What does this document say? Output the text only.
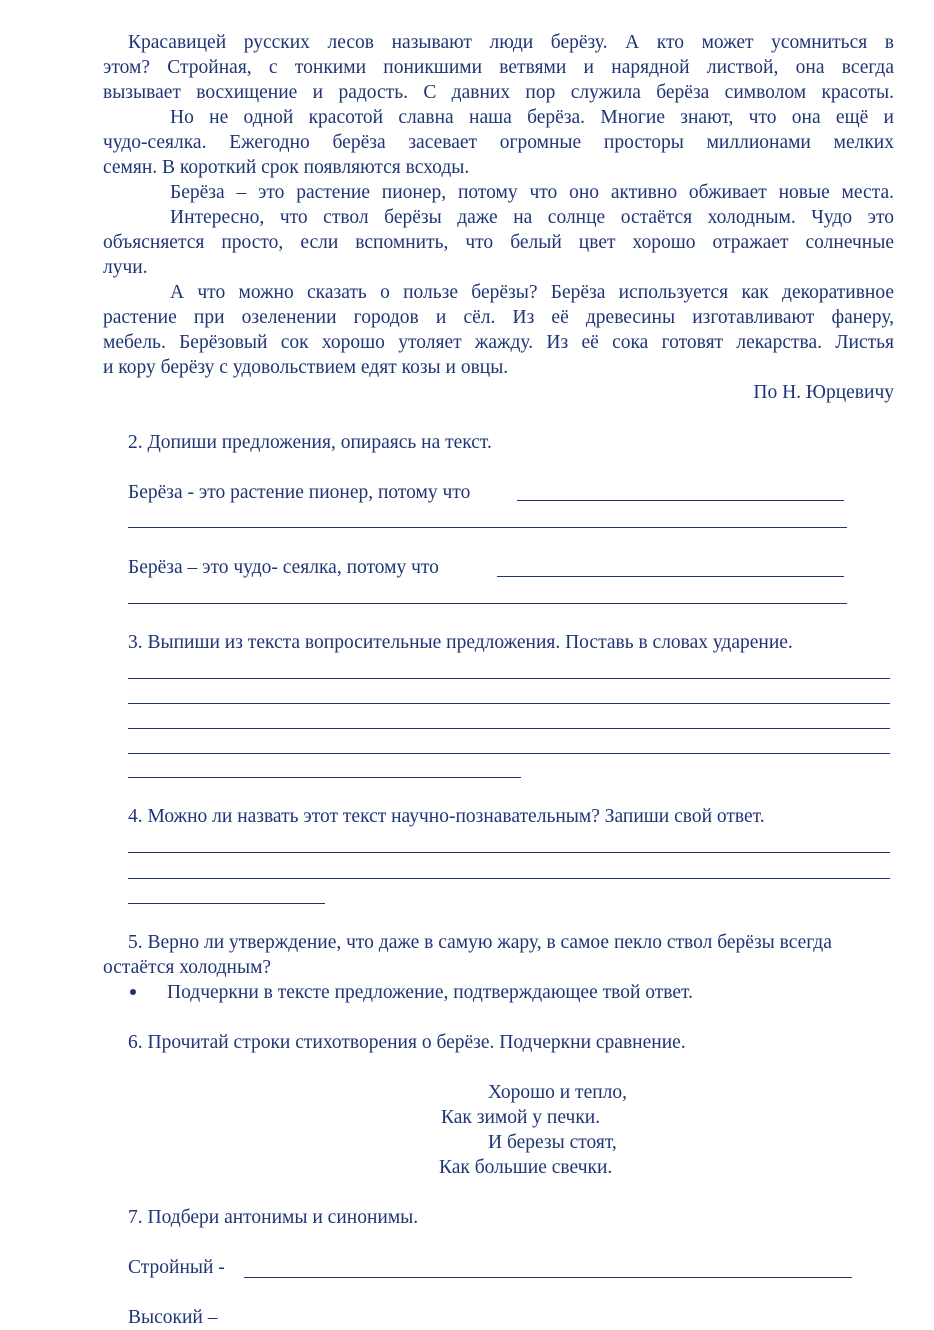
Красавицей русских лесов называют люди берёзу. А кто может усомниться в
этом? Стройная, с тонкими поникшими ветвями и нарядной листвой, она всегда
вызывает восхищение и радость. С давних пор служила берёза символом красоты.
Но не одной красотой славна наша берёза. Многие знают, что она ещё и
чудо-сеялка. Ежегодно берёза засевает огромные просторы миллионами мелких
семян. В короткий срок появляются всходы.
Берёза – это растение пионер, потому что оно активно обживает новые места.
Интересно, что ствол берёзы даже на солнце остаётся холодным. Чудо это
объясняется просто, если вспомнить, что белый цвет хорошо отражает солнечные
лучи.
А что можно сказать о пользе берёзы? Берёза используется как декоративное
растение при озеленении городов и сёл. Из её древесины изготавливают фанеру,
мебель. Берёзовый сок хорошо утоляет жажду. Из её сока готовят лекарства. Листья
и кору берёзу с удовольствием едят козы и овцы.
По Н. Юрцевичу
2. Допиши предложения, опираясь на текст.
Берёза - это растение пионер, потому что
Берёза – это чудо- сеялка, потому что
3. Выпиши из текста вопросительные предложения. Поставь в словах ударение.
4. Можно ли назвать этот текст научно-познавательным? Запиши свой ответ.
5. Верно ли утверждение, что даже в самую жару, в самое пекло ствол берёзы всегда
остаётся холодным?
Подчеркни в тексте предложение, подтверждающее твой ответ.
6. Прочитай строки стихотворения о берёзе. Подчеркни сравнение.
Хорошо и тепло,
Как зимой у печки.
И березы стоят,
Как большие свечки.
7. Подбери антонимы и синонимы.
Стройный -
Высокий –
